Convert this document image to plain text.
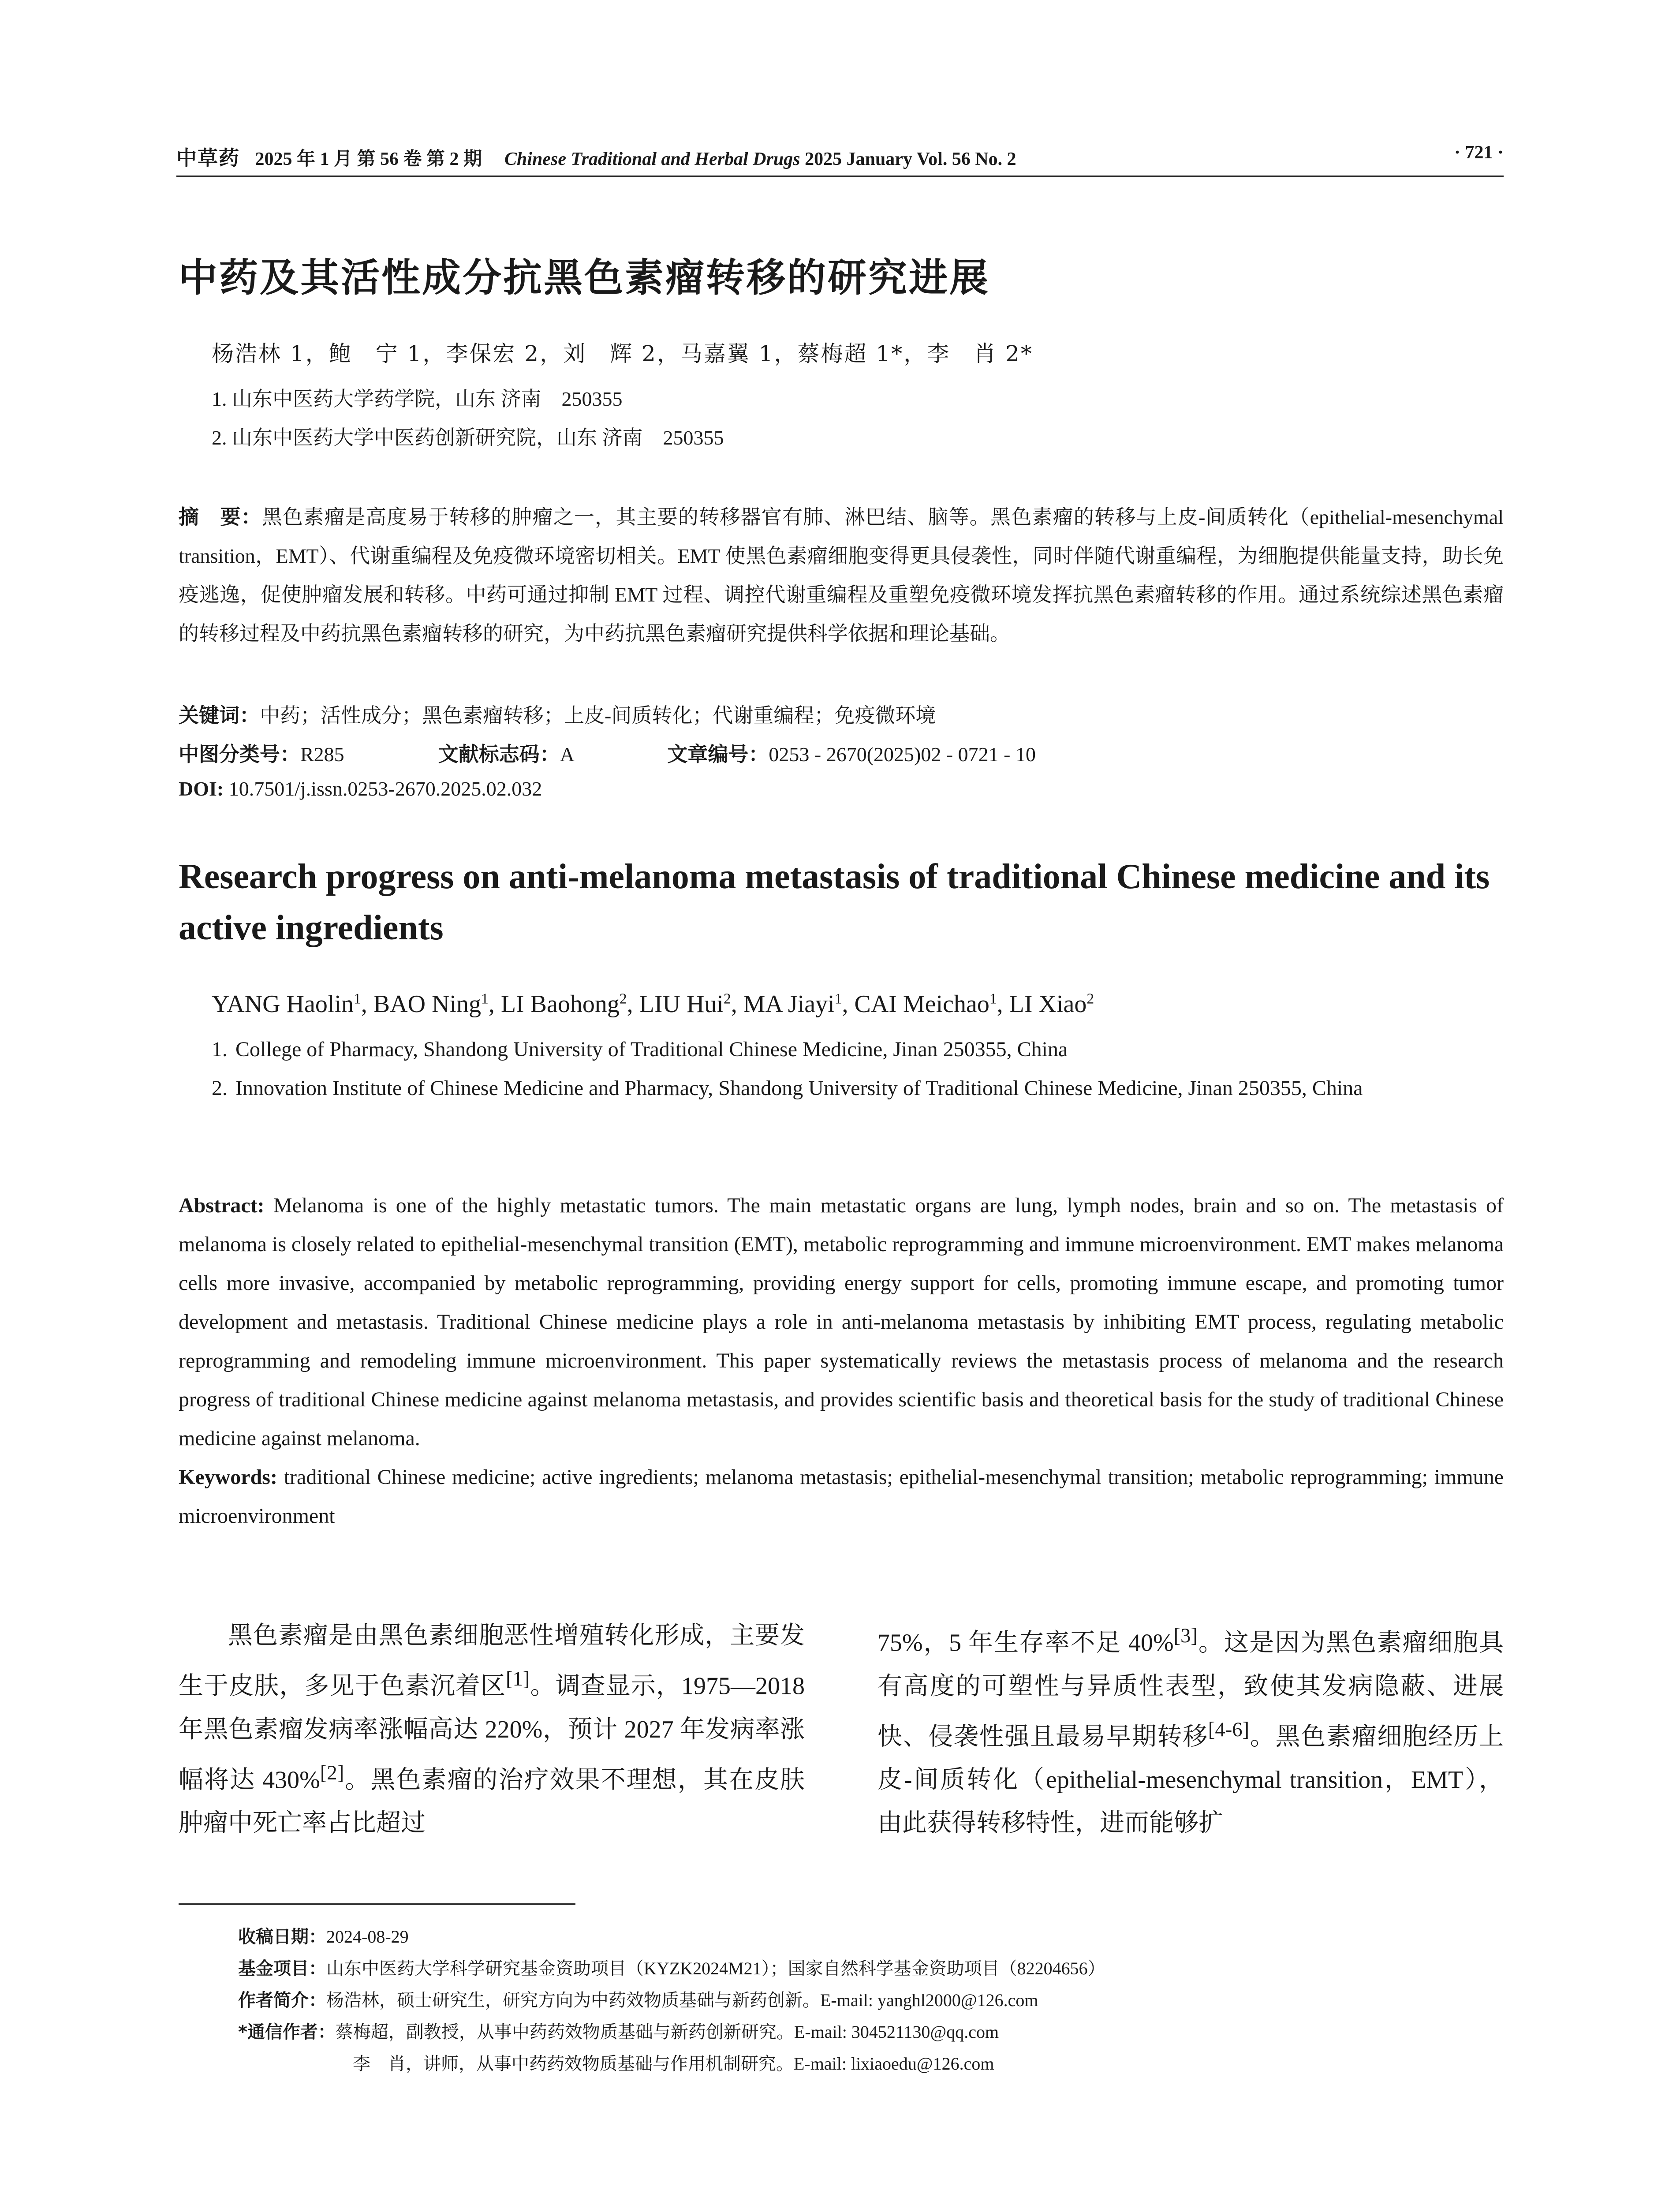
中草药 2025 年 1 月 第 56 卷 第 2 期 Chinese Traditional and Herbal Drugs 2025 January Vol. 56 No. 2	· 721 ·
中药及其活性成分抗黑色素瘤转移的研究进展
杨浩林 1，鲍　宁 1，李保宏 2，刘　辉 2，马嘉翼 1，蔡梅超 1*，李　肖 2*
1. 山东中医药大学药学院，山东 济南　250355
2. 山东中医药大学中医药创新研究院，山东 济南　250355
摘　要：黑色素瘤是高度易于转移的肿瘤之一，其主要的转移器官有肺、淋巴结、脑等。黑色素瘤的转移与上皮-间质转化（epithelial-mesenchymal transition，EMT）、代谢重编程及免疫微环境密切相关。EMT 使黑色素瘤细胞变得更具侵袭性，同时伴随代谢重编程，为细胞提供能量支持，助长免疫逃逸，促使肿瘤发展和转移。中药可通过抑制 EMT 过程、调控代谢重编程及重塑免疫微环境发挥抗黑色素瘤转移的作用。通过系统综述黑色素瘤的转移过程及中药抗黑色素瘤转移的研究，为中药抗黑色素瘤研究提供科学依据和理论基础。
关键词：中药；活性成分；黑色素瘤转移；上皮-间质转化；代谢重编程；免疫微环境
中图分类号：R285	文献标志码：A	文章编号：0253 - 2670(2025)02 - 0721 - 10
DOI: 10.7501/j.issn.0253-2670.2025.02.032
Research progress on anti-melanoma metastasis of traditional Chinese medicine and its active ingredients
YANG Haolin$^1$, BAO Ning$^1$, LI Baohong$^2$, LIU Hui$^2$, MA Jiayi$^1$, CAI Meichao$^1$, LI Xiao$^2$
1. College of Pharmacy, Shandong University of Traditional Chinese Medicine, Jinan 250355, China
2. Innovation Institute of Chinese Medicine and Pharmacy, Shandong University of Traditional Chinese Medicine, Jinan 250355, China

Abstract: Melanoma is one of the highly metastatic tumors. The main metastatic organs are lung, lymph nodes, brain and so on. The metastasis of melanoma is closely related to epithelial-mesenchymal transition (EMT), metabolic reprogramming and immune microenvironment. EMT makes melanoma cells more invasive, accompanied by metabolic reprogramming, providing energy support for cells, promoting immune escape, and promoting tumor development and metastasis. Traditional Chinese medicine plays a role in anti-melanoma metastasis by inhibiting EMT process, regulating metabolic reprogramming and remodeling immune microenvironment. This paper systematically reviews the metastasis process of melanoma and the research progress of traditional Chinese medicine against melanoma metastasis, and provides scientific basis and theoretical basis for the study of traditional Chinese medicine against melanoma.

Keywords: traditional Chinese medicine; active ingredients; melanoma metastasis; epithelial-mesenchymal transition; metabolic reprogramming; immune microenvironment

黑色素瘤是由黑色素细胞恶性增殖转化形成，主要发生于皮肤，多见于色素沉着区[1]。调查显示，1975—2018 年黑色素瘤发病率涨幅高达 220%，预计 2027 年发病率涨幅将达 430%[2]。黑色素瘤的治疗效果不理想，其在皮肤肿瘤中死亡率占比超过

75%，5 年生存率不足 40%[3]。这是因为黑色素瘤细胞具有高度的可塑性与异质性表型，致使其发病隐蔽、进展快、侵袭性强且最易早期转移[4-6]。黑色素瘤细胞经历上皮-间质转化（epithelial-mesenchymal transition，EMT），由此获得转移特性，进而能够扩

收稿日期：2024-08-29
基金项目：山东中医药大学科学研究基金资助项目（KYZK2024M21）；国家自然科学基金资助项目（82204656）
作者简介：杨浩林，硕士研究生，研究方向为中药效物质基础与新药创新。E-mail: yanghl2000@126.com
*通信作者：蔡梅超，副教授，从事中药药效物质基础与新药创新研究。E-mail: 304521130@qq.com
李　肖，讲师，从事中药药效物质基础与作用机制研究。E-mail: lixiaoedu@126.com
